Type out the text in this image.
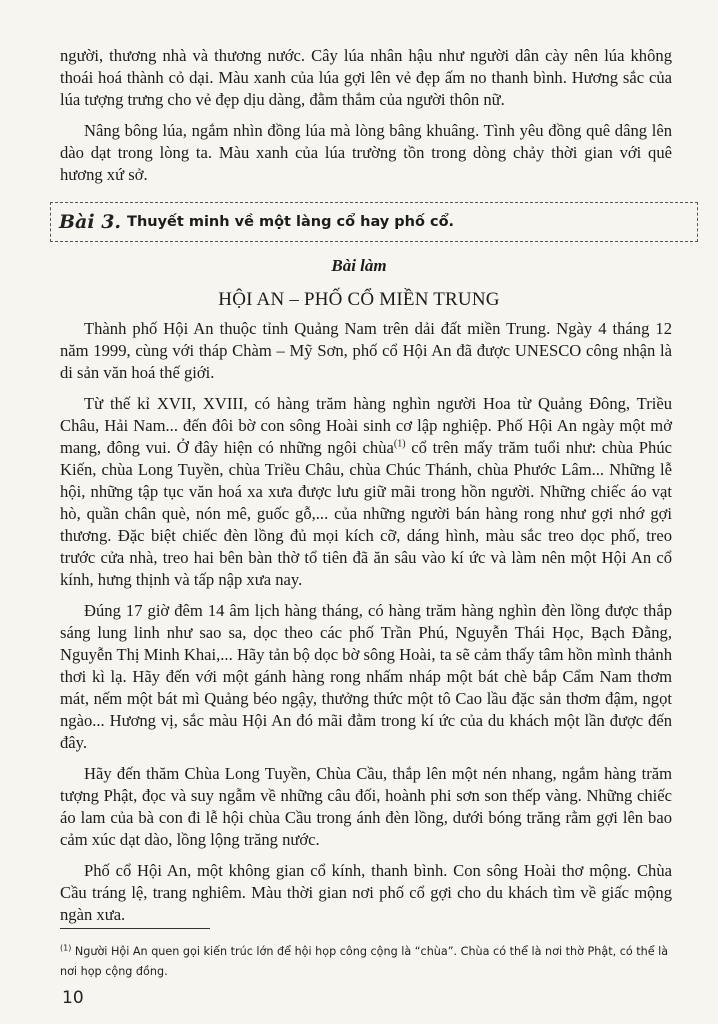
người, thương nhà và thương nước. Cây lúa nhân hậu như người dân cày nên lúa không thoái hoá thành cỏ dại. Màu xanh của lúa gợi lên vẻ đẹp ấm no thanh bình. Hương sắc của lúa tượng trưng cho vẻ đẹp dịu dàng, đằm thắm của người thôn nữ.

Nâng bông lúa, ngắm nhìn đồng lúa mà lòng bâng khuâng. Tình yêu đồng quê dâng lên dào dạt trong lòng ta. Màu xanh của lúa trường tồn trong dòng chảy thời gian với quê hương xứ sở.

Bài 3. Thuyết minh về một làng cổ hay phố cổ.
Bài làm
HỘI AN – PHỐ CỔ MIỀN TRUNG

Thành phố Hội An thuộc tỉnh Quảng Nam trên dải đất miền Trung. Ngày 4 tháng 12 năm 1999, cùng với tháp Chàm – Mỹ Sơn, phố cổ Hội An đã được UNESCO công nhận là di sản văn hoá thế giới.

Từ thế kỉ XVII, XVIII, có hàng trăm hàng nghìn người Hoa từ Quảng Đông, Triều Châu, Hải Nam... đến đôi bờ con sông Hoài sinh cơ lập nghiệp. Phố Hội An ngày một mở mang, đông vui. Ở đây hiện có những ngôi chùa$^{(1)}$ cổ trên mấy trăm tuổi như: chùa Phúc Kiến, chùa Long Tuyền, chùa Triều Châu, chùa Chúc Thánh, chùa Phước Lâm... Những lễ hội, những tập tục văn hoá xa xưa được lưu giữ mãi trong hồn người. Những chiếc áo vạt hò, quần chân què, nón mê, guốc gỗ,... của những người bán hàng rong như gợi nhớ gợi thương. Đặc biệt chiếc đèn lồng đủ mọi kích cỡ, dáng hình, màu sắc treo dọc phố, treo trước cửa nhà, treo hai bên bàn thờ tổ tiên đã ăn sâu vào kí ức và làm nên một Hội An cổ kính, hưng thịnh và tấp nập xưa nay.

Đúng 17 giờ đêm 14 âm lịch hàng tháng, có hàng trăm hàng nghìn đèn lồng được thắp sáng lung linh như sao sa, dọc theo các phố Trần Phú, Nguyễn Thái Học, Bạch Đằng, Nguyễn Thị Minh Khai,... Hãy tản bộ dọc bờ sông Hoài, ta sẽ cảm thấy tâm hồn mình thảnh thơi kì lạ. Hãy đến với một gánh hàng rong nhấm nháp một bát chè bắp Cẩm Nam thơm mát, nếm một bát mì Quảng béo ngậy, thưởng thức một tô Cao lầu đặc sản thơm đậm, ngọt ngào... Hương vị, sắc màu Hội An đó mãi đằm trong kí ức của du khách một lần được đến đây.

Hãy đến thăm Chùa Long Tuyền, Chùa Cầu, thắp lên một nén nhang, ngắm hàng trăm tượng Phật, đọc và suy ngẫm về những câu đối, hoành phi sơn son thếp vàng. Những chiếc áo lam của bà con đi lễ hội chùa Cầu trong ánh đèn lồng, dưới bóng trăng rằm gợi lên bao cảm xúc dạt dào, lồng lộng trăng nước.

Phố cổ Hội An, một không gian cổ kính, thanh bình. Con sông Hoài thơ mộng. Chùa Cầu tráng lệ, trang nghiêm. Màu thời gian nơi phố cổ gợi cho du khách tìm về giấc mộng ngàn xưa.

$^{(1)}$ Người Hội An quen gọi kiến trúc lớn để hội họp công cộng là “chùa”. Chùa có thể là nơi thờ Phật, có thể là nơi họp cộng đồng.
10
